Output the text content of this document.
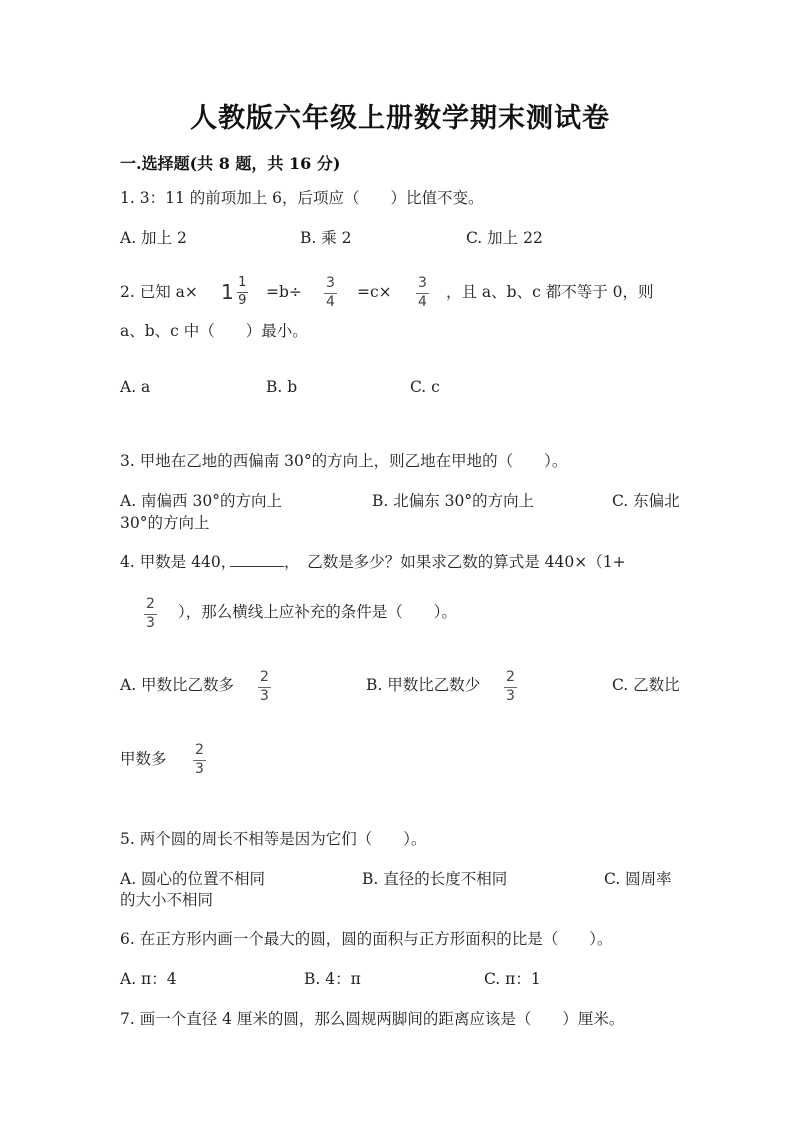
人教版六年级上册数学期末测试卷
一.选择题(共 8 题，共 16 分)
1. 3：11 的前项加上 6，后项应（　　）比值不变。
A. 加上 2	B. 乘 2	C. 加上 22
2. 已知 a× 1 1
9 =b÷ 3
4
=c× 3
4
，且 a、b、c 都不等于 0，则
a、b、c 中（　　）最小。
A. a	B. b	C. c
3. 甲地在乙地的西偏南 30°的方向上，则乙地在甲地的（　　）。
A. 南偏西 30°的方向上	B. 北偏东 30°的方向上	C. 东偏北
30°的方向上
4. 甲数是 440，	，　乙数是多少？如果求乙数的算式是 440×（1+
2
3
），那么横线上应补充的条件是（　　）。
A. 甲数比乙数多 2
3
B. 甲数比乙数少 2
3
C. 乙数比
甲数多 2
3
5. 两个圆的周长不相等是因为它们（　　）。
A. 圆心的位置不相同	B. 直径的长度不相同	C. 圆周率
的大小不相同
6. 在正方形内画一个最大的圆，圆的面积与正方形面积的比是（　　）。
A. π：4	B. 4：π	C. π：1
7. 画一个直径 4 厘米的圆，那么圆规两脚间的距离应该是（　　）厘米。
